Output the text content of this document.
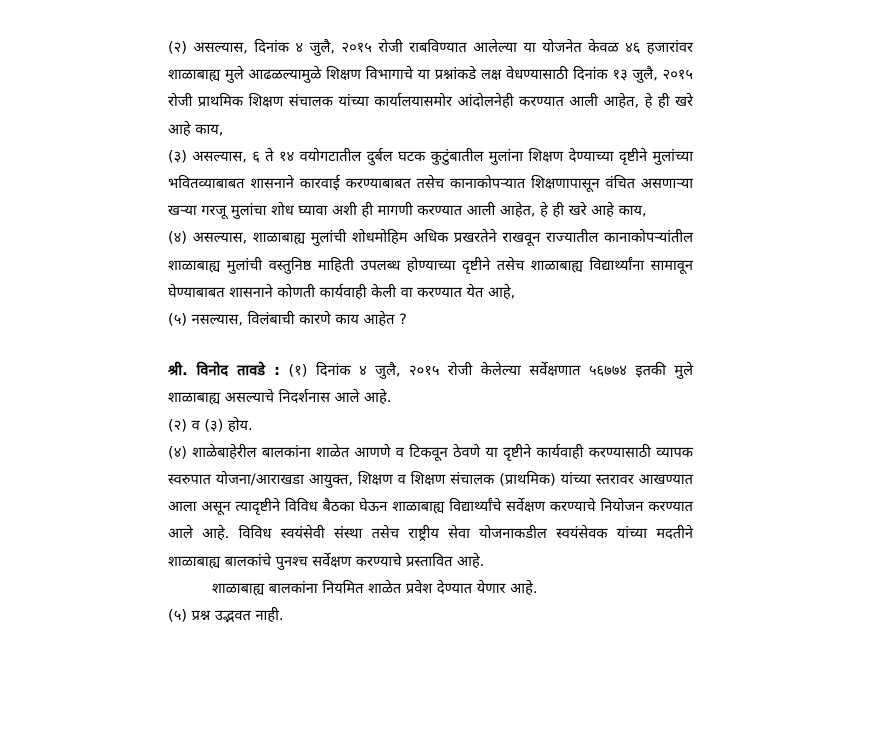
(२) असल्यास, दिनांक ४ जुलै, २०१५ रोजी राबविण्यात आलेल्या या योजनेत केवळ ४६ हजारांवर शाळाबाह्य मुले आढळल्यामुळे शिक्षण विभागाचे या प्रश्नांकडे लक्ष वेधण्यासाठी दिनांक १३ जुलै, २०१५ रोजी प्राथमिक शिक्षण संचालक यांच्या कार्यालयासमोर आंदोलनेही करण्यात आली आहेत, हे ही खरे आहे काय,

(३) असल्यास, ६ ते १४ वयोगटातील दुर्बल घटक कुटुंबातील मुलांना शिक्षण देण्याच्या दृष्टीने मुलांच्या भवितव्याबाबत शासनाने कारवाई करण्याबाबत तसेच कानाकोपऱ्यात शिक्षणापासून वंचित असणाऱ्या खऱ्या गरजू मुलांचा शोध घ्यावा अशी ही मागणी करण्यात आली आहेत, हे ही खरे आहे काय,

(४) असल्यास, शाळाबाह्य मुलांची शोधमोहिम अधिक प्रखरतेने राखवून राज्यातील कानाकोपऱ्यांतील शाळाबाह्य मुलांची वस्तुनिष्ठ माहिती उपलब्ध होण्याच्या दृष्टीने तसेच शाळाबाह्य विद्यार्थ्यांना सामावून घेण्याबाबत शासनाने कोणती कार्यवाही केली वा करण्यात येत आहे,

(५) नसल्यास, विलंबाची कारणे काय आहेत ?

श्री. विनोद तावडे : (१) दिनांक ४ जुलै, २०१५ रोजी केलेल्या सर्वेक्षणात ५६७७४ इतकी मुले शाळाबाह्य असल्याचे निदर्शनास आले आहे.

(२) व (३) होय.

(४) शाळेबाहेरील बालकांना शाळेत आणणे व टिकवून ठेवणे या दृष्टीने कार्यवाही करण्यासाठी व्यापक स्वरुपात योजना/आराखडा आयुक्त, शिक्षण व शिक्षण संचालक (प्राथमिक) यांच्या स्तरावर आखण्यात आला असून त्यादृष्टीने विविध बैठका घेऊन शाळाबाह्य विद्यार्थ्यांचे सर्वेक्षण करण्याचे नियोजन करण्यात आले आहे. विविध स्वयंसेवी संस्था तसेच राष्ट्रीय सेवा योजनाकडील स्वयंसेवक यांच्या मदतीने शाळाबाह्य बालकांचे पुनश्च सर्वेक्षण करण्याचे प्रस्तावित आहे.

शाळाबाह्य बालकांना नियमित शाळेत प्रवेश देण्यात येणार आहे.

(५) प्रश्न उद्भवत नाही.
